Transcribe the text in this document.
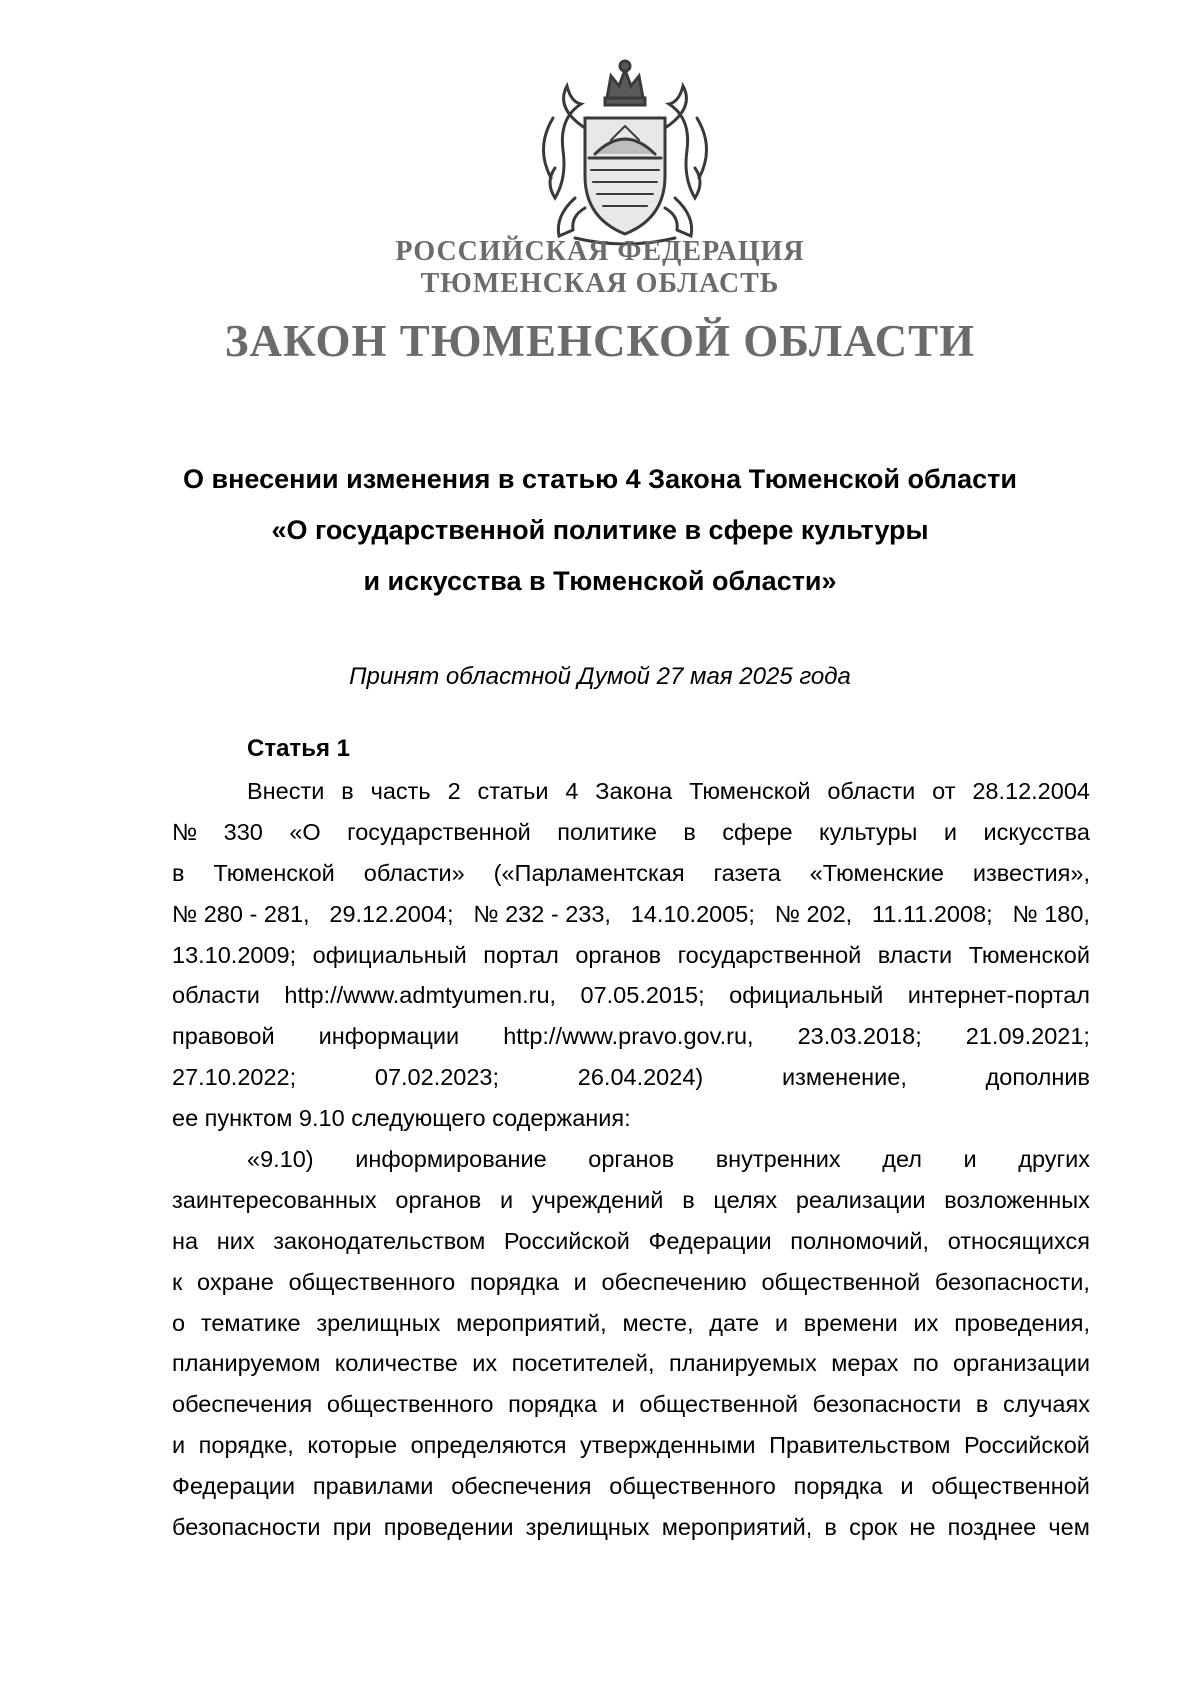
РОССИЙСКАЯ ФЕДЕРАЦИЯ
ТЮМЕНСКАЯ ОБЛАСТЬ
ЗАКОН ТЮМЕНСКОЙ ОБЛАСТИ
О внесении изменения в статью 4 Закона Тюменской области
«О государственной политике в сфере культуры
и искусства в Тюменской области»
Принят областной Думой 27 мая 2025 года
Статья 1
Внести в часть 2 статьи 4 Закона Тюменской области от 28.12.2004
№ 330 «О государственной политике в сфере культуры и искусства
в Тюменской области» («Парламентская газета «Тюменские известия»,
№ 280 - 281, 29.12.2004; № 232 - 233, 14.10.2005; № 202, 11.11.2008; № 180,
13.10.2009; официальный портал органов государственной власти Тюменской
области http://www.admtyumen.ru, 07.05.2015; официальный интернет-портал
правовой информации http://www.pravo.gov.ru, 23.03.2018; 21.09.2021;
27.10.2022;	07.02.2023;	26.04.2024)	изменение,	дополнив
ее пунктом 9.10 следующего содержания:
«9.10) информирование органов внутренних дел и других
заинтересованных органов и учреждений в целях реализации возложенных
на них законодательством Российской Федерации полномочий, относящихся
к охране общественного порядка и обеспечению общественной безопасности,
о тематике зрелищных мероприятий, месте, дате и времени их проведения,
планируемом количестве их посетителей, планируемых мерах по организации
обеспечения общественного порядка и общественной безопасности в случаях
и порядке, которые определяются утвержденными Правительством Российской
Федерации правилами обеспечения общественного порядка и общественной
безопасности при проведении зрелищных мероприятий, в срок не позднее чем
